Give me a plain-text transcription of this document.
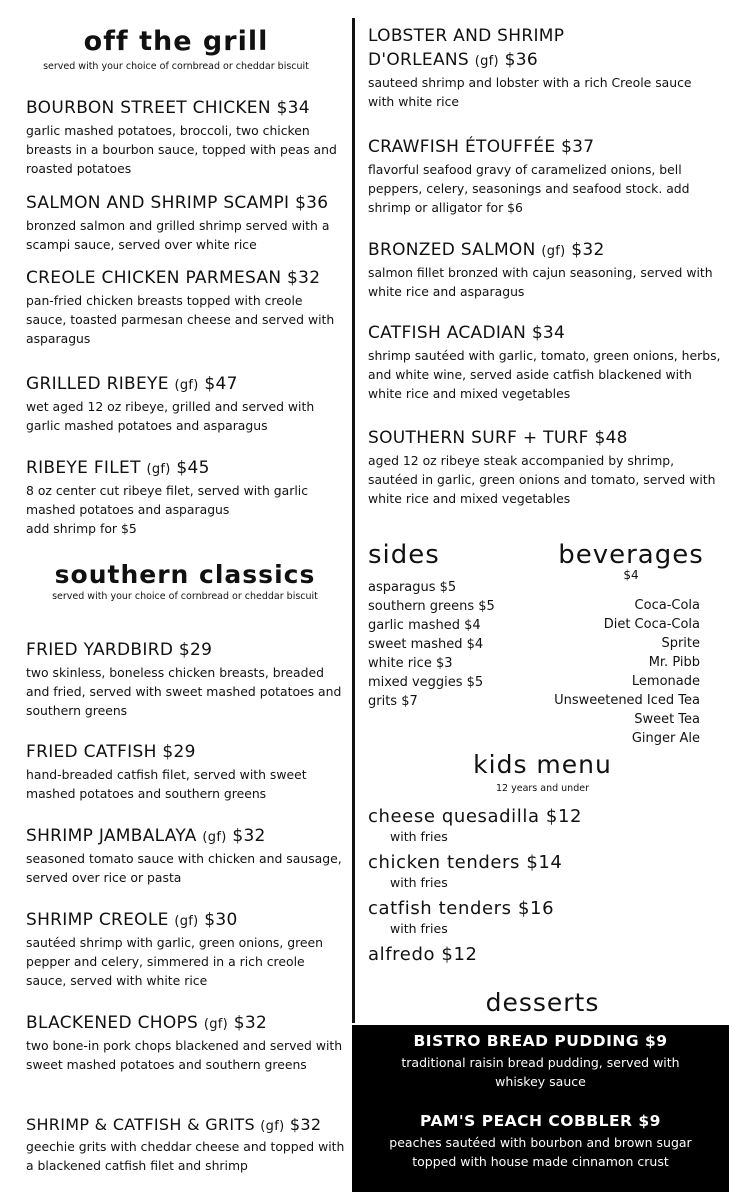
off the grill

served with your choice of cornbread or cheddar biscuit

BOURBON STREET CHICKEN $34
garlic mashed potatoes, broccoli, two chicken breasts in a bourbon sauce, topped with peas and roasted potatoes
SALMON AND SHRIMP SCAMPI $36
bronzed salmon and grilled shrimp served with a scampi sauce, served over white rice
CREOLE CHICKEN PARMESAN $32
pan-fried chicken breasts topped with creole sauce, toasted parmesan cheese and served with asparagus
GRILLED RIBEYE (gf) $47
wet aged 12 oz ribeye, grilled and served with garlic mashed potatoes and asparagus
RIBEYE FILET (gf) $45
8 oz center cut ribeye filet, served with garlic mashed potatoes and asparagus
add shrimp for $5
southern classics

served with your choice of cornbread or cheddar biscuit

FRIED YARDBIRD $29
two skinless, boneless chicken breasts, breaded and fried, served with sweet mashed potatoes and southern greens
FRIED CATFISH $29
hand-breaded catfish filet, served with sweet mashed potatoes and southern greens
SHRIMP JAMBALAYA (gf) $32
seasoned tomato sauce with chicken and sausage, served over rice or pasta
SHRIMP CREOLE (gf) $30
sautéed shrimp with garlic, green onions, green pepper and celery, simmered in a rich creole sauce, served with white rice
BLACKENED CHOPS (gf) $32
two bone-in pork chops blackened and served with sweet mashed potatoes and southern greens
SHRIMP & CATFISH & GRITS (gf) $32
geechie grits with cheddar cheese and topped with a blackened catfish filet and shrimp
LOBSTER AND SHRIMP
D'ORLEANS (gf) $36
sauteed shrimp and lobster with a rich Creole sauce with white rice
CRAWFISH ÉTOUFFÉE $37
flavorful seafood gravy of caramelized onions, bell peppers, celery, seasonings and seafood stock. add shrimp or alligator for $6
BRONZED SALMON (gf) $32
salmon fillet bronzed with cajun seasoning, served with white rice and asparagus
CATFISH ACADIAN $34
shrimp sautéed with garlic, tomato, green onions, herbs, and white wine, served aside catfish blackened with white rice and mixed vegetables
SOUTHERN SURF + TURF $48
aged 12 oz ribeye steak accompanied by shrimp, sautéed in garlic, green onions and tomato, served with white rice and mixed vegetables
sides
asparagus $5
southern greens $5
garlic mashed $4
sweet mashed $4
white rice $3
mixed veggies $5
grits $7
beverages
$4
Coca-Cola
Diet Coca-Cola
Sprite
Mr. Pibb
Lemonade
Unsweetened Iced Tea
Sweet Tea
Ginger Ale
kids menu
12 years and under
cheese quesadilla $12
with fries
chicken tenders $14
with fries
catfish tenders $16
with fries
alfredo $12
desserts
BISTRO BREAD PUDDING $9
traditional raisin bread pudding, served with whiskey sauce
PAM'S PEACH COBBLER $9
peaches sautéed with bourbon and brown sugar topped with house made cinnamon crust
